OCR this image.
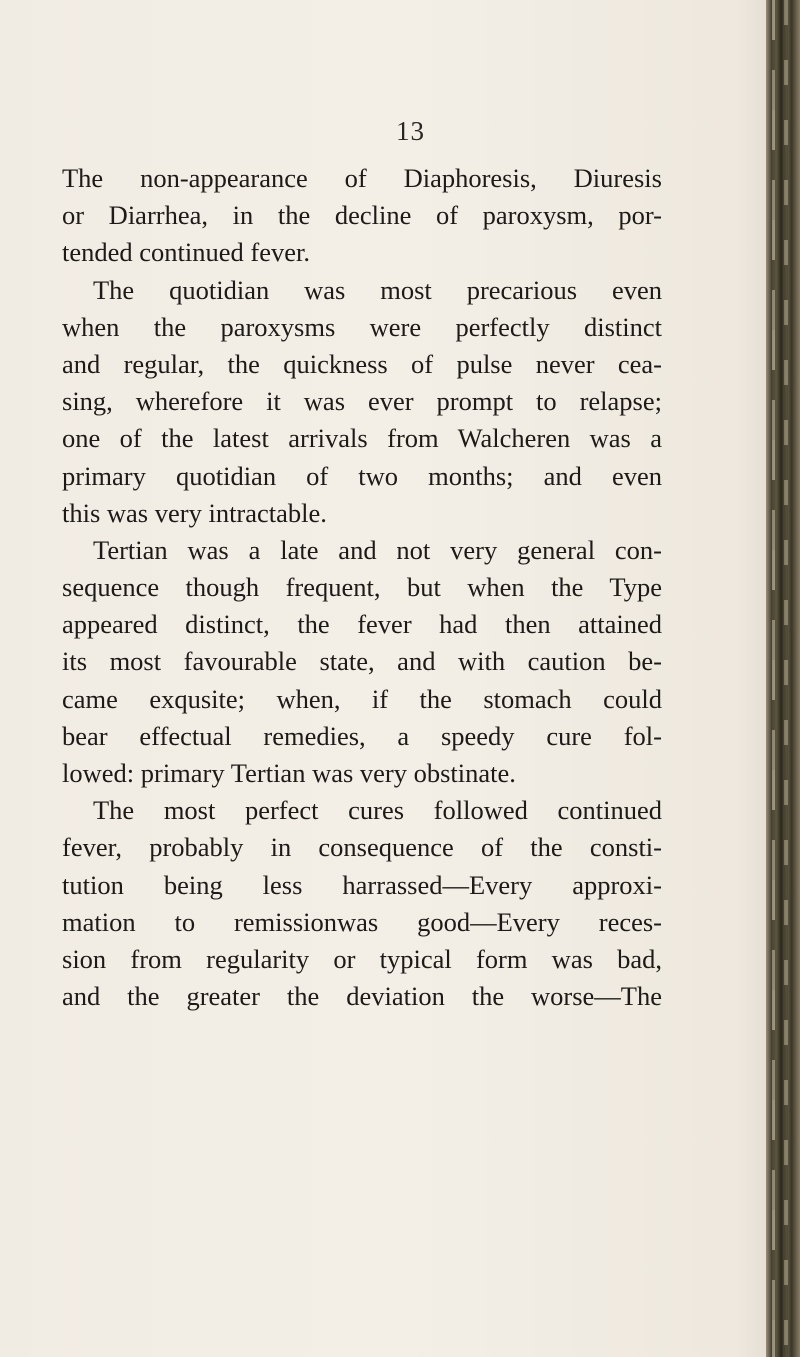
13
The non-appearance of Diaphoresis, Diuresis
or Diarrhea, in the decline of paroxysm, por-
tended continued fever.
The quotidian was most precarious even
when the paroxysms were perfectly distinct
and regular, the quickness of pulse never cea-
sing, wherefore it was ever prompt to relapse;
one of the latest arrivals from Walcheren was a
primary quotidian of two months; and even
this was very intractable.
Tertian was a late and not very general con-
sequence though frequent, but when the Type
appeared distinct, the fever had then attained
its most favourable state, and with caution be-
came exqusite; when, if the stomach could
bear effectual remedies, a speedy cure fol-
lowed: primary Tertian was very obstinate.
The most perfect cures followed continued
fever, probably in consequence of the consti-
tution being less harrassed—Every approxi-
mation to remissionwas good—Every reces-
sion from regularity or typical form was bad,
and the greater the deviation the worse—The
